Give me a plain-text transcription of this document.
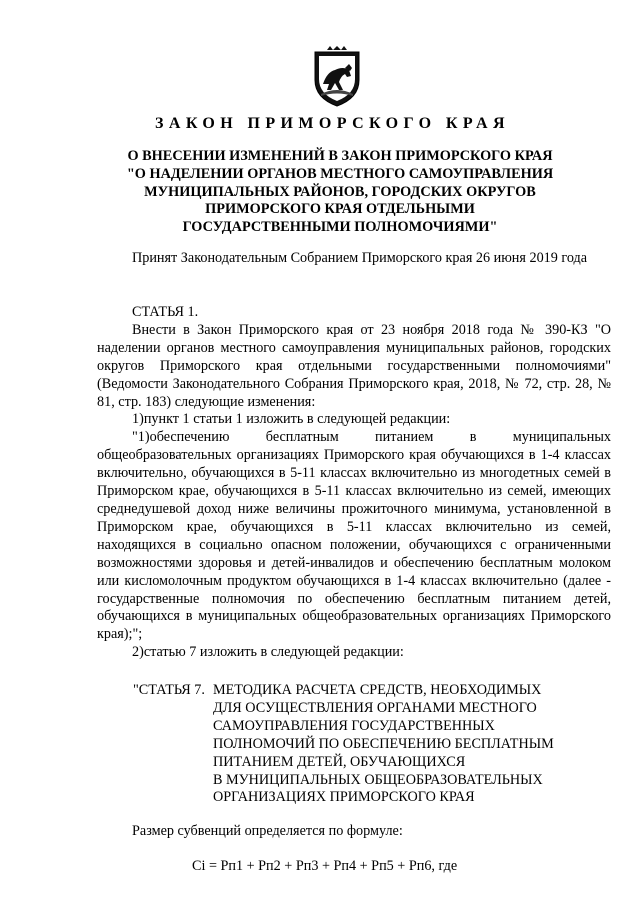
ЗАКОН ПРИМОРСКОГО КРАЯ
О ВНЕСЕНИИ ИЗМЕНЕНИЙ В ЗАКОН ПРИМОРСКОГО КРАЯ
"О НАДЕЛЕНИИ ОРГАНОВ МЕСТНОГО САМОУПРАВЛЕНИЯ
МУНИЦИПАЛЬНЫХ РАЙОНОВ, ГОРОДСКИХ ОКРУГОВ
ПРИМОРСКОГО КРАЯ ОТДЕЛЬНЫМИ
ГОСУДАРСТВЕННЫМИ ПОЛНОМОЧИЯМИ"
Принят Законодательным Собранием Приморского края 26 июня 2019 года

СТАТЬЯ 1.

Внести в Закон Приморского края от 23 ноября 2018 года № 390-КЗ "О наделении органов местного самоуправления муниципальных районов, городских округов Приморского края отдельными государственными полномочиями" (Ведомости Законодательного Собрания Приморского края, 2018, № 72, стр. 28, № 81, стр. 183) следующие изменения:

1)пункт 1 статьи 1 изложить в следующей редакции:

"1)обеспечению бесплатным питанием в муниципальных общеобразовательных организациях Приморского края обучающихся в 1-4 классах включительно, обучающихся в 5-11 классах включительно из многодетных семей в Приморском крае, обучающихся в 5-11 классах включительно из семей, имеющих среднедушевой доход ниже величины прожиточного минимума, установленной в Приморском крае, обучающихся в 5-11 классах включительно из семей, находящихся в социально опасном положении, обучающихся с ограниченными возможностями здоровья и детей-инвалидов и обеспечению бесплатным молоком или кисломолочным продуктом обучающихся в 1-4 классах включительно (далее - государственные полномочия по обеспечению бесплатным питанием детей, обучающихся в муниципальных общеобразовательных организациях Приморского края);";

2)статью 7 изложить в следующей редакции:

"СТАТЬЯ 7. МЕТОДИКА РАСЧЕТА СРЕДСТВ, НЕОБХОДИМЫХ
ДЛЯ ОСУЩЕСТВЛЕНИЯ ОРГАНАМИ МЕСТНОГО
САМОУПРАВЛЕНИЯ ГОСУДАРСТВЕННЫХ
ПОЛНОМОЧИЙ ПО ОБЕСПЕЧЕНИЮ БЕСПЛАТНЫМ
ПИТАНИЕМ ДЕТЕЙ, ОБУЧАЮЩИХСЯ
В МУНИЦИПАЛЬНЫХ ОБЩЕОБРАЗОВАТЕЛЬНЫХ
ОРГАНИЗАЦИЯХ ПРИМОРСКОГО КРАЯ
Размер субвенций определяется по формуле:
Сi = Рп1 + Рп2 + Рп3 + Рп4 + Рп5 + Рп6, где
